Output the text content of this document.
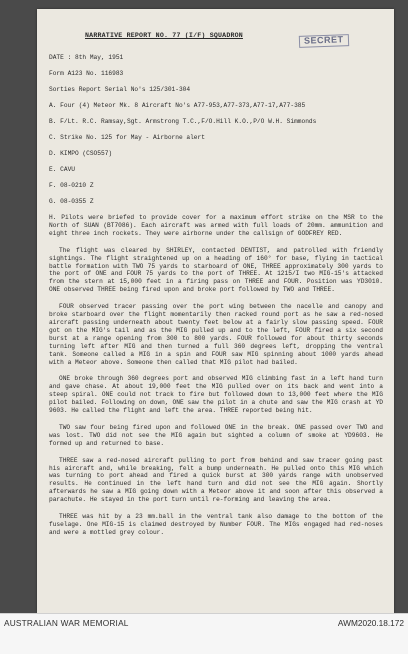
NARRATIVE REPORT NO. 77 (I/F) SQUADRON	SECRET
DATE : 8th May, 1951
Form A123 No. 116983
Sorties Report Serial No's 125/301-304
A. Four (4) Meteor Mk. 8 Aircraft No's A77-953,A77-373,A77-17,A77-385
B. F/Lt. R.C. Ramsay,Sgt. Armstrong T.C.,F/O.Hill K.O.,P/O W.H. Simmonds
C. Strike No. 125 for May - Airborne alert
D. KIMPO (CSO557)
E. CAVU
F. 08-0210 Z
G. 08-0355 Z

H. Pilots were briefed to provide cover for a maximum effort strike on the MSR to the North of SUAN (BT7086). Each aircraft was armed with full loads of 20mm. ammunition and eight three inch rockets. They were airborne under the callsign of GODFREY RED.

The flight was cleared by SHIRLEY, contacted DENTIST, and patrolled with friendly sightings. The flight straightened up on a heading of 160° for base, flying in tactical battle formation with TWO 75 yards to starboard of ONE, THREE approximately 300 yards to the port of ONE and FOUR 75 yards to the port of THREE. At 1215/I two MIG-15's attacked from the stern at 15,000 feet in a firing pass on THREE and FOUR. Position was YD3010. ONE observed THREE being fired upon and broke port followed by TWO and THREE.

FOUR observed tracer passing over the port wing between the nacelle and canopy and broke starboard over the flight momentarily then racked round port as he saw a red-nosed aircraft passing underneath about twenty feet below at a fairly slow passing speed. FOUR got on the MIG's tail and as the MIG pulled up and to the left, FOUR fired a six second burst at a range opening from 300 to 800 yards. FOUR followed for about thirty seconds turning left after MIG and then turned a full 360 degrees left, dropping the ventral tank. Someone called a MIG in a spin and FOUR saw MIG spinning about 1000 yards ahead with a Meteor above. Someone then called that MIG pilot had bailed.

ONE broke through 360 degrees port and observed MIG climbing fast in a left hand turn and gave chase. At about 19,000 feet the MIG pulled over on its back and went into a steep spiral. ONE could not track to fire but followed down to 13,000 feet where the MIG pilot bailed. Following on down, ONE saw the pilot in a chute and saw the MIG crash at YD 9603. He called the flight and left the area. THREE reported being hit.

TWO saw four being fired upon and followed ONE in the break. ONE passed over TWO and was lost. TWO did not see the MIG again but sighted a column of smoke at YD9603. He formed up and returned to base.

THREE saw a red-nosed aircraft pulling to port from behind and saw tracer going past his aircraft and, while breaking, felt a bump underneath. He pulled onto this MIG which was turning to port ahead and fired a quick burst at 300 yards range with unobserved results. He continued in the left hand turn and did not see the MIG again. Shortly afterwards he saw a MIG going down with a Meteor above it and soon after this observed a parachute. He stayed in the port turn until re-forming and leaving the area.

THREE was hit by a 23 mm.ball in the ventral tank also damage to the bottom of the fuselage. One MIG-15 is claimed destroyed by Number FOUR. The MIGs engaged had red-noses and were a mottled grey colour.

AUSTRALIAN WAR MEMORIAL	AWM2020.18.172
